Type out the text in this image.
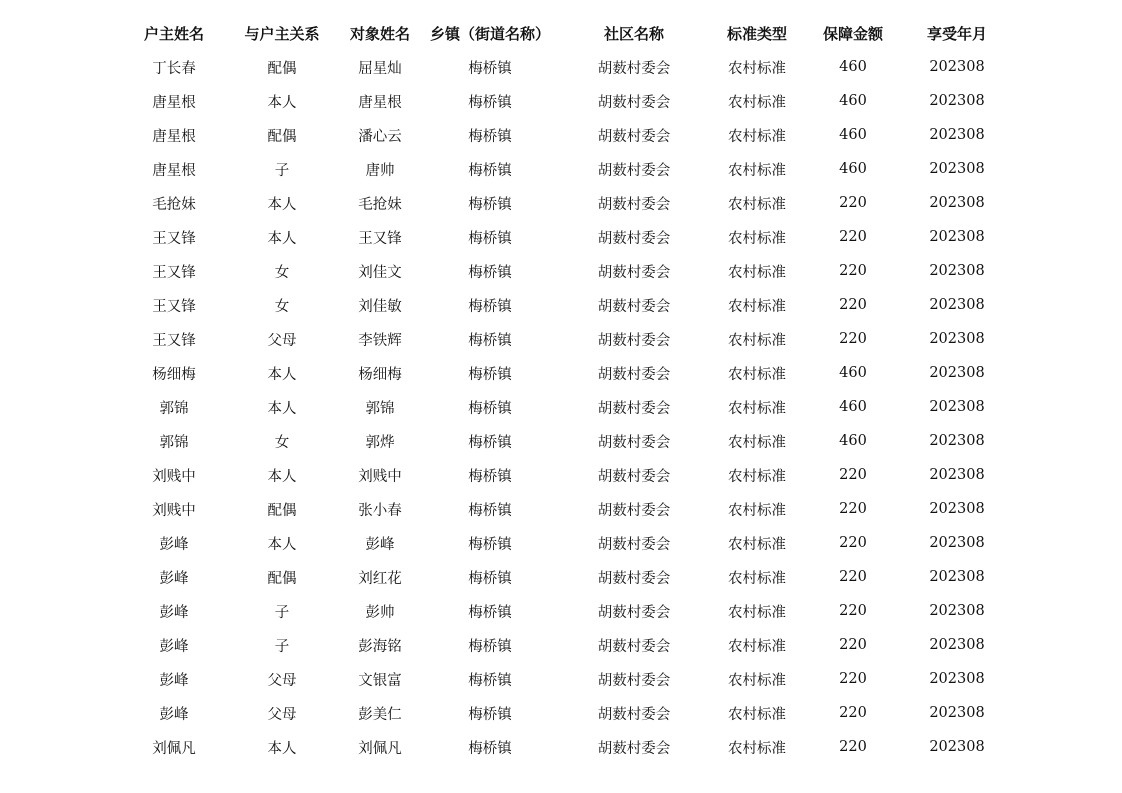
户主姓名	与户主关系	对象姓名	乡镇（街道名称）	社区名称	标准类型	保障金额	享受年月
丁长春	配偶	屈星灿	梅桥镇	胡薮村委会	农村标准	460	202308
唐星根	本人	唐星根	梅桥镇	胡薮村委会	农村标准	460	202308
唐星根	配偶	潘心云	梅桥镇	胡薮村委会	农村标准	460	202308
唐星根	子	唐帅	梅桥镇	胡薮村委会	农村标准	460	202308
毛抢妹	本人	毛抢妹	梅桥镇	胡薮村委会	农村标准	220	202308
王又锋	本人	王又锋	梅桥镇	胡薮村委会	农村标准	220	202308
王又锋	女	刘佳文	梅桥镇	胡薮村委会	农村标准	220	202308
王又锋	女	刘佳敏	梅桥镇	胡薮村委会	农村标准	220	202308
王又锋	父母	李铁辉	梅桥镇	胡薮村委会	农村标准	220	202308
杨细梅	本人	杨细梅	梅桥镇	胡薮村委会	农村标准	460	202308
郭锦	本人	郭锦	梅桥镇	胡薮村委会	农村标准	460	202308
郭锦	女	郭烨	梅桥镇	胡薮村委会	农村标准	460	202308
刘贱中	本人	刘贱中	梅桥镇	胡薮村委会	农村标准	220	202308
刘贱中	配偶	张小春	梅桥镇	胡薮村委会	农村标准	220	202308
彭峰	本人	彭峰	梅桥镇	胡薮村委会	农村标准	220	202308
彭峰	配偶	刘红花	梅桥镇	胡薮村委会	农村标准	220	202308
彭峰	子	彭帅	梅桥镇	胡薮村委会	农村标准	220	202308
彭峰	子	彭海铭	梅桥镇	胡薮村委会	农村标准	220	202308
彭峰	父母	文银富	梅桥镇	胡薮村委会	农村标准	220	202308
彭峰	父母	彭美仁	梅桥镇	胡薮村委会	农村标准	220	202308
刘佩凡	本人	刘佩凡	梅桥镇	胡薮村委会	农村标准	220	202308
